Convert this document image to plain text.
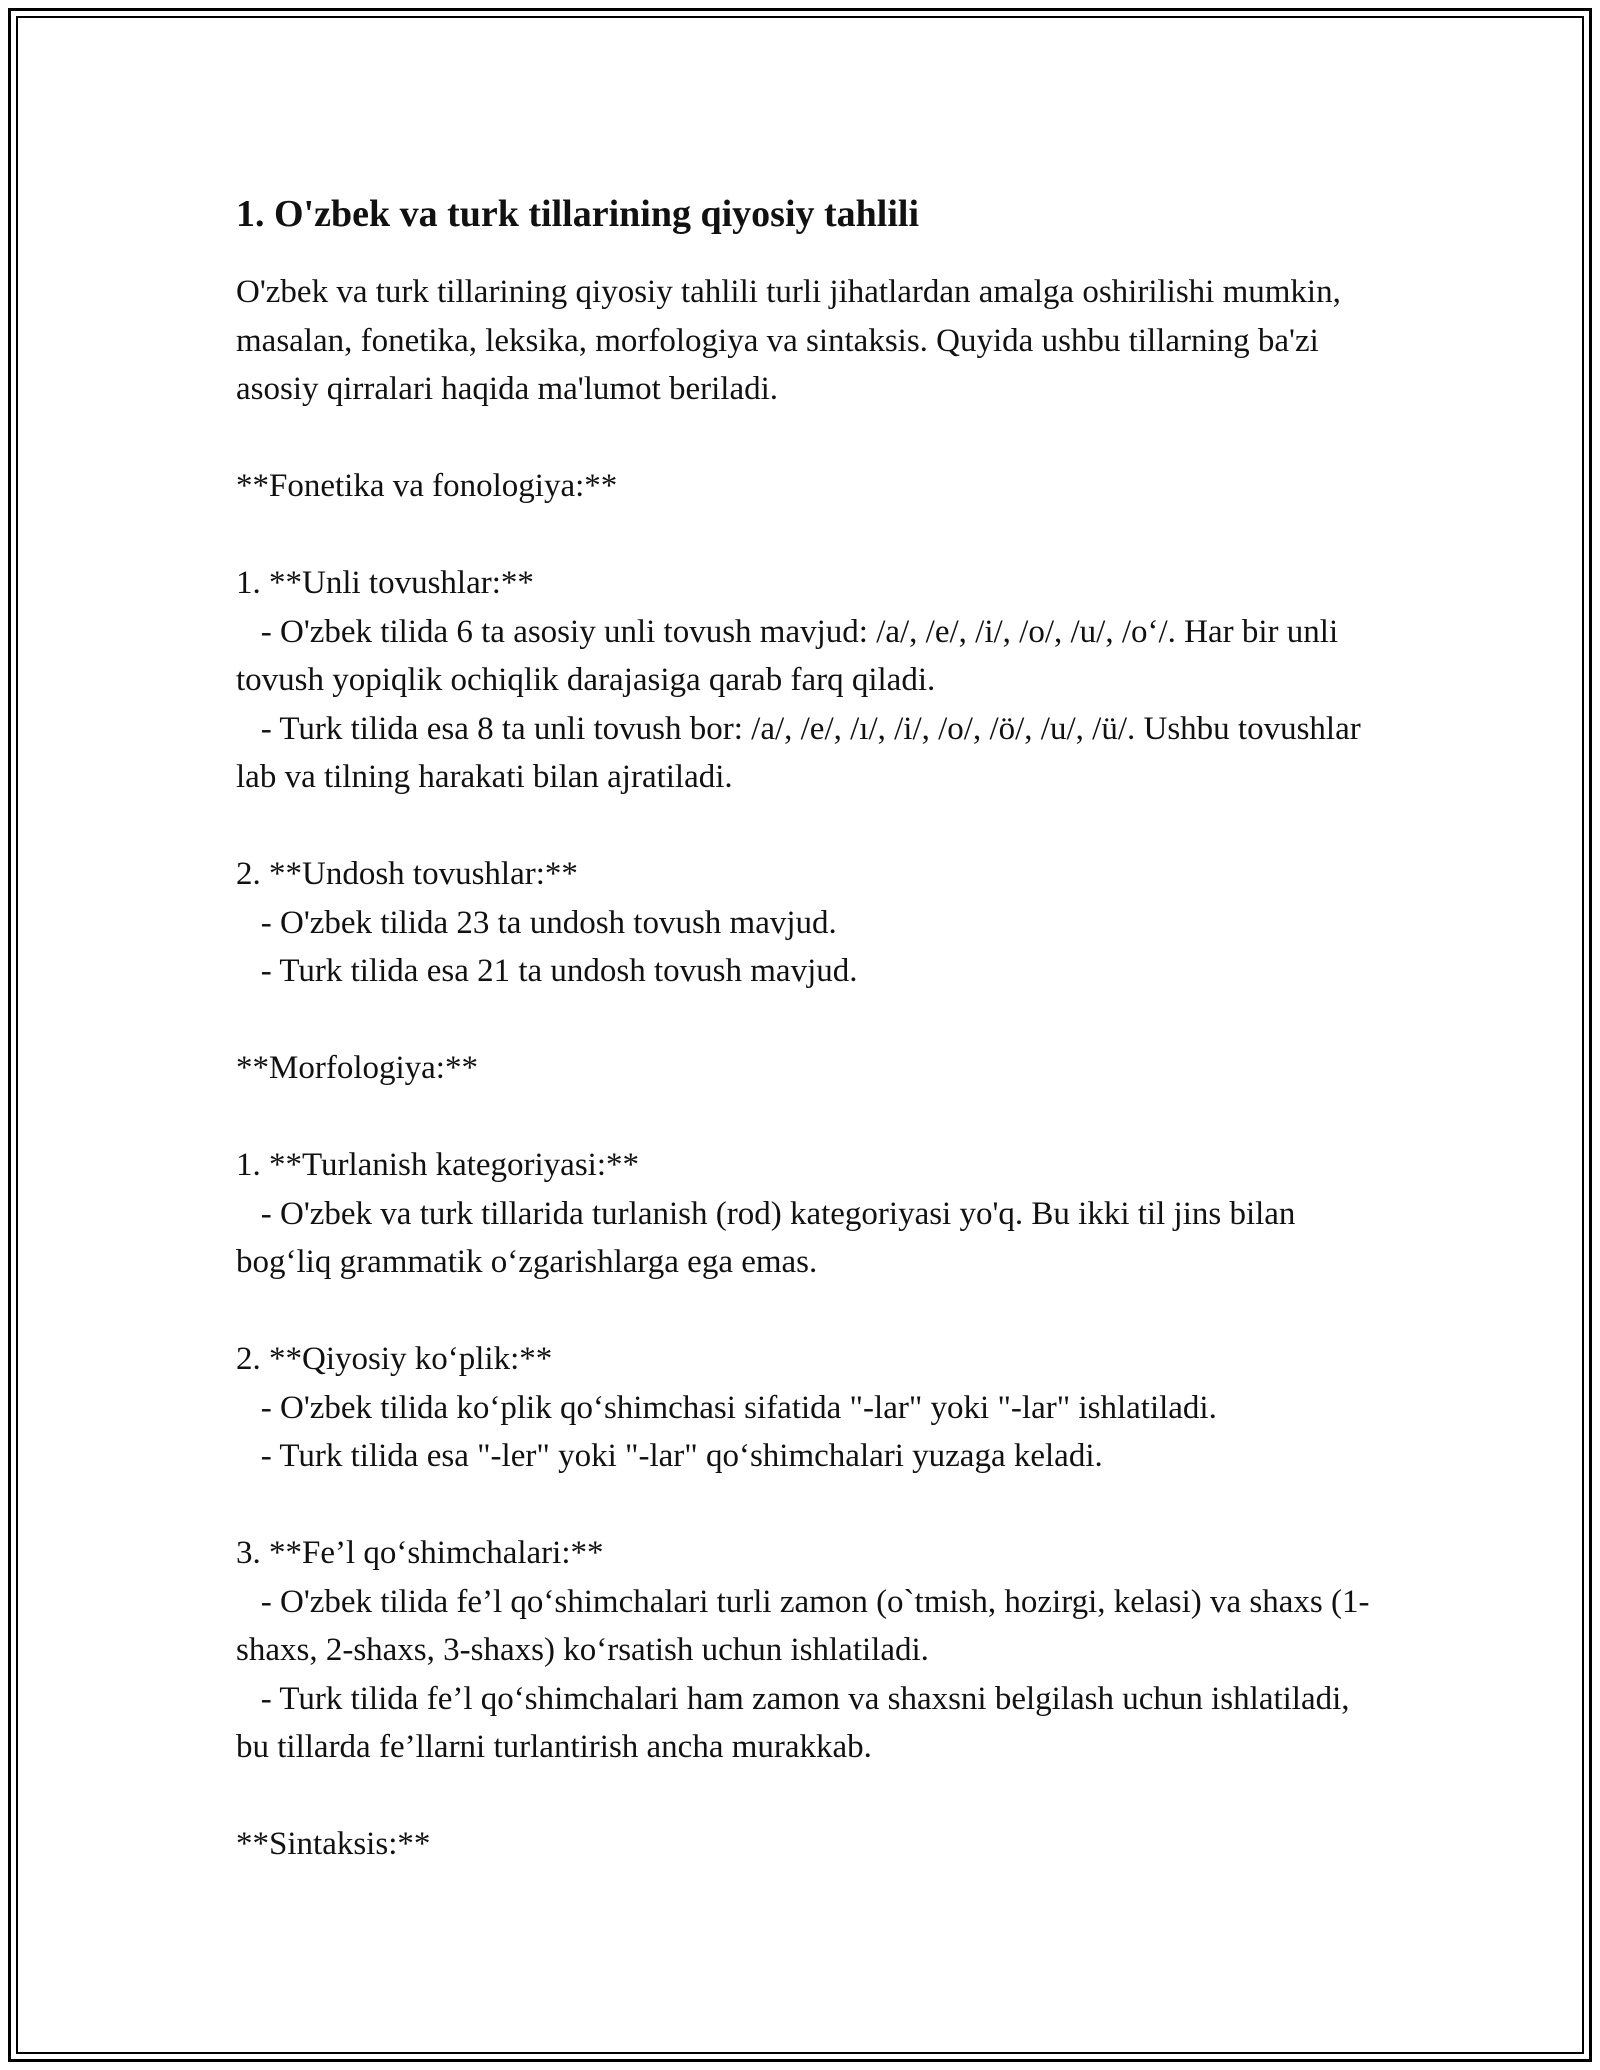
1. O'zbek va turk tillarining qiyosiy tahlili

O'zbek va turk tillarining qiyosiy tahlili turli jihatlardan amalga oshirilishi mumkin, masalan, fonetika, leksika, morfologiya va sintaksis. Quyida ushbu tillarning ba'zi asosiy qirralari haqida ma'lumot beriladi.

**Fonetika va fonologiya:**

1. **Unli tovushlar:**

- O'zbek tilida 6 ta asosiy unli tovush mavjud: /a/, /e/, /i/, /o/, /u/, /o‘/. Har bir unli tovush yopiqlik ochiqlik darajasiga qarab farq qiladi.

- Turk tilida esa 8 ta unli tovush bor: /a/, /e/, /ı/, /i/, /o/, /ö/, /u/, /ü/. Ushbu tovushlar lab va tilning harakati bilan ajratiladi.

2. **Undosh tovushlar:**

- O'zbek tilida 23 ta undosh tovush mavjud.

- Turk tilida esa 21 ta undosh tovush mavjud.

**Morfologiya:**

1. **Turlanish kategoriyasi:**

- O'zbek va turk tillarida turlanish (rod) kategoriyasi yo'q. Bu ikki til jins bilan bog‘liq grammatik o‘zgarishlarga ega emas.

2. **Qiyosiy ko‘plik:**

- O'zbek tilida ko‘plik qo‘shimchasi sifatida "-lar" yoki "-lar" ishlatiladi.

- Turk tilida esa "-ler" yoki "-lar" qo‘shimchalari yuzaga keladi.

3. **Fe’l qo‘shimchalari:**

- O'zbek tilida fe’l qo‘shimchalari turli zamon (o`tmish, hozirgi, kelasi) va shaxs (1-shaxs, 2-shaxs, 3-shaxs) ko‘rsatish uchun ishlatiladi.

- Turk tilida fe’l qo‘shimchalari ham zamon va shaxsni belgilash uchun ishlatiladi, bu tillarda fe’llarni turlantirish ancha murakkab.

**Sintaksis:**
